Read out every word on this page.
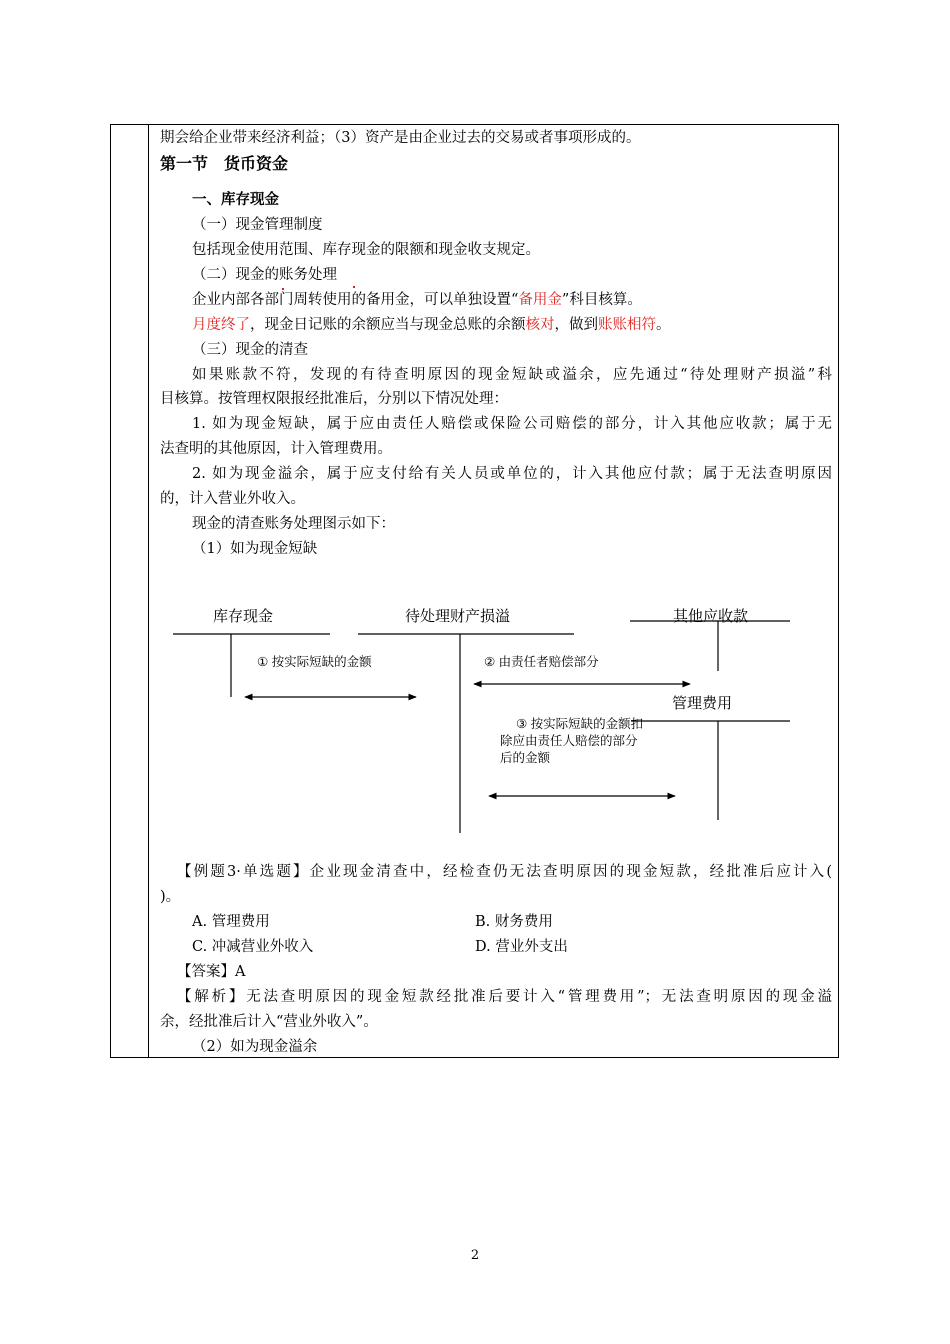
期会给企业带来经济利益；（3）资产是由企业过去的交易或者事项形成的。
第一节　货币资金
一、库存现金
（一）现金管理制度
包括现金使用范围、库存现金的限额和现金收支规定。
（二）现金的账务处理
企业内部各部门周转使用的备用金，可以单独设置“备用金”科目核算。
月度终了，现金日记账的余额应当与现金总账的余额核对，做到账账相符。
（三）现金的清查
如果账款不符，发现的有待查明原因的现金短缺或溢余，应先通过“待处理财产损溢”科
目核算。按管理权限报经批准后，分别以下情况处理：
1. 如为现金短缺，属于应由责任人赔偿或保险公司赔偿的部分，计入其他应收款；属于无
法查明的其他原因，计入管理费用。
2. 如为现金溢余，属于应支付给有关人员或单位的，计入其他应付款；属于无法查明原因
的，计入营业外收入。
现金的清查账务处理图示如下：
（1）如为现金短缺
库存现金	待处理财产损溢	其他应收款
管理费用
① 按实际短缺的金额	② 由责任者赔偿部分
③ 按实际短缺的金额扣
除应由责任人赔偿的部分
后的金额
【例题3·单选题】企业现金清查中，经检查仍无法查明原因的现金短款，经批准后应计入(
)。
A. 管理费用	B. 财务费用
C. 冲减营业外收入	D. 营业外支出
【答案】A
【解析】无法查明原因的现金短款经批准后要计入“管理费用”；无法查明原因的现金溢
余，经批准后计入“营业外收入”。
（2）如为现金溢余
2
